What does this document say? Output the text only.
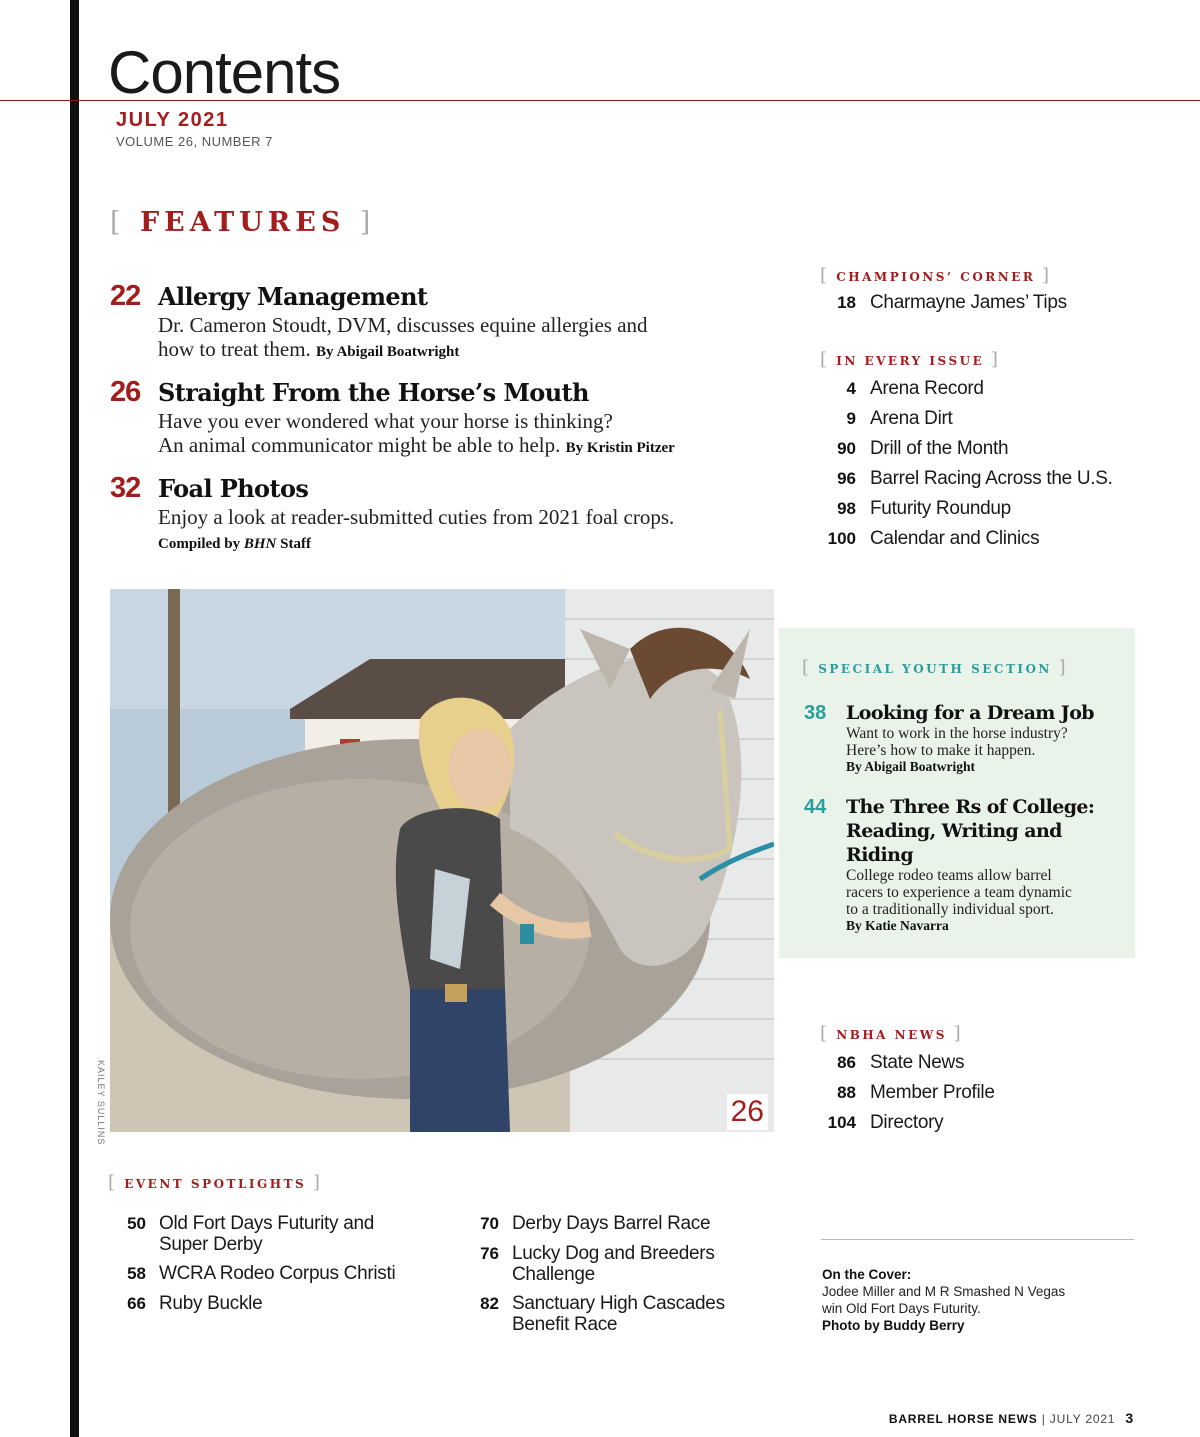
Contents
JULY 2021
VOLUME 26, NUMBER 7
[ FEATURES ]
22 Allergy Management
Dr. Cameron Stoudt, DVM, discusses equine allergies and
how to treat them. By Abigail Boatwright
26 Straight From the Horse’s Mouth
Have you ever wondered what your horse is thinking?
An animal communicator might be able to help. By Kristin Pitzer
32 Foal Photos
Enjoy a look at reader-submitted cuties from 2021 foal crops.
Compiled by BHN Staff
[ CHAMPIONS’ CORNER ]
18 Charmayne James’ Tips
[ IN EVERY ISSUE ]
4 Arena Record
9 Arena Dirt
90 Drill of the Month
96 Barrel Racing Across the U.S.
98 Futurity Roundup
100 Calendar and Clinics
26
KAILEY SULLINS
[ SPECIAL YOUTH SECTION ]
38	Looking for a Dream Job
Want to work in the horse industry?
Here’s how to make it happen.
By Abigail Boatwright
44	The Three Rs of College:
Reading, Writing and
Riding
College rodeo teams allow barrel
racers to experience a team dynamic
to a traditionally individual sport.
By Katie Navarra
[ NBHA NEWS ]
86 State News
88 Member Profile
104 Directory
[ EVENT SPOTLIGHTS ]
50 Old Fort Days Futurity and
Super Derby
58 WCRA Rodeo Corpus Christi
66 Ruby Buckle
70 Derby Days Barrel Race
76 Lucky Dog and Breeders
Challenge
82 Sanctuary High Cascades
Benefit Race
On the Cover:
Jodee Miller and M R Smashed N Vegas
win Old Fort Days Futurity.
Photo by Buddy Berry
BARREL HORSE NEWS | JULY 2021 3
